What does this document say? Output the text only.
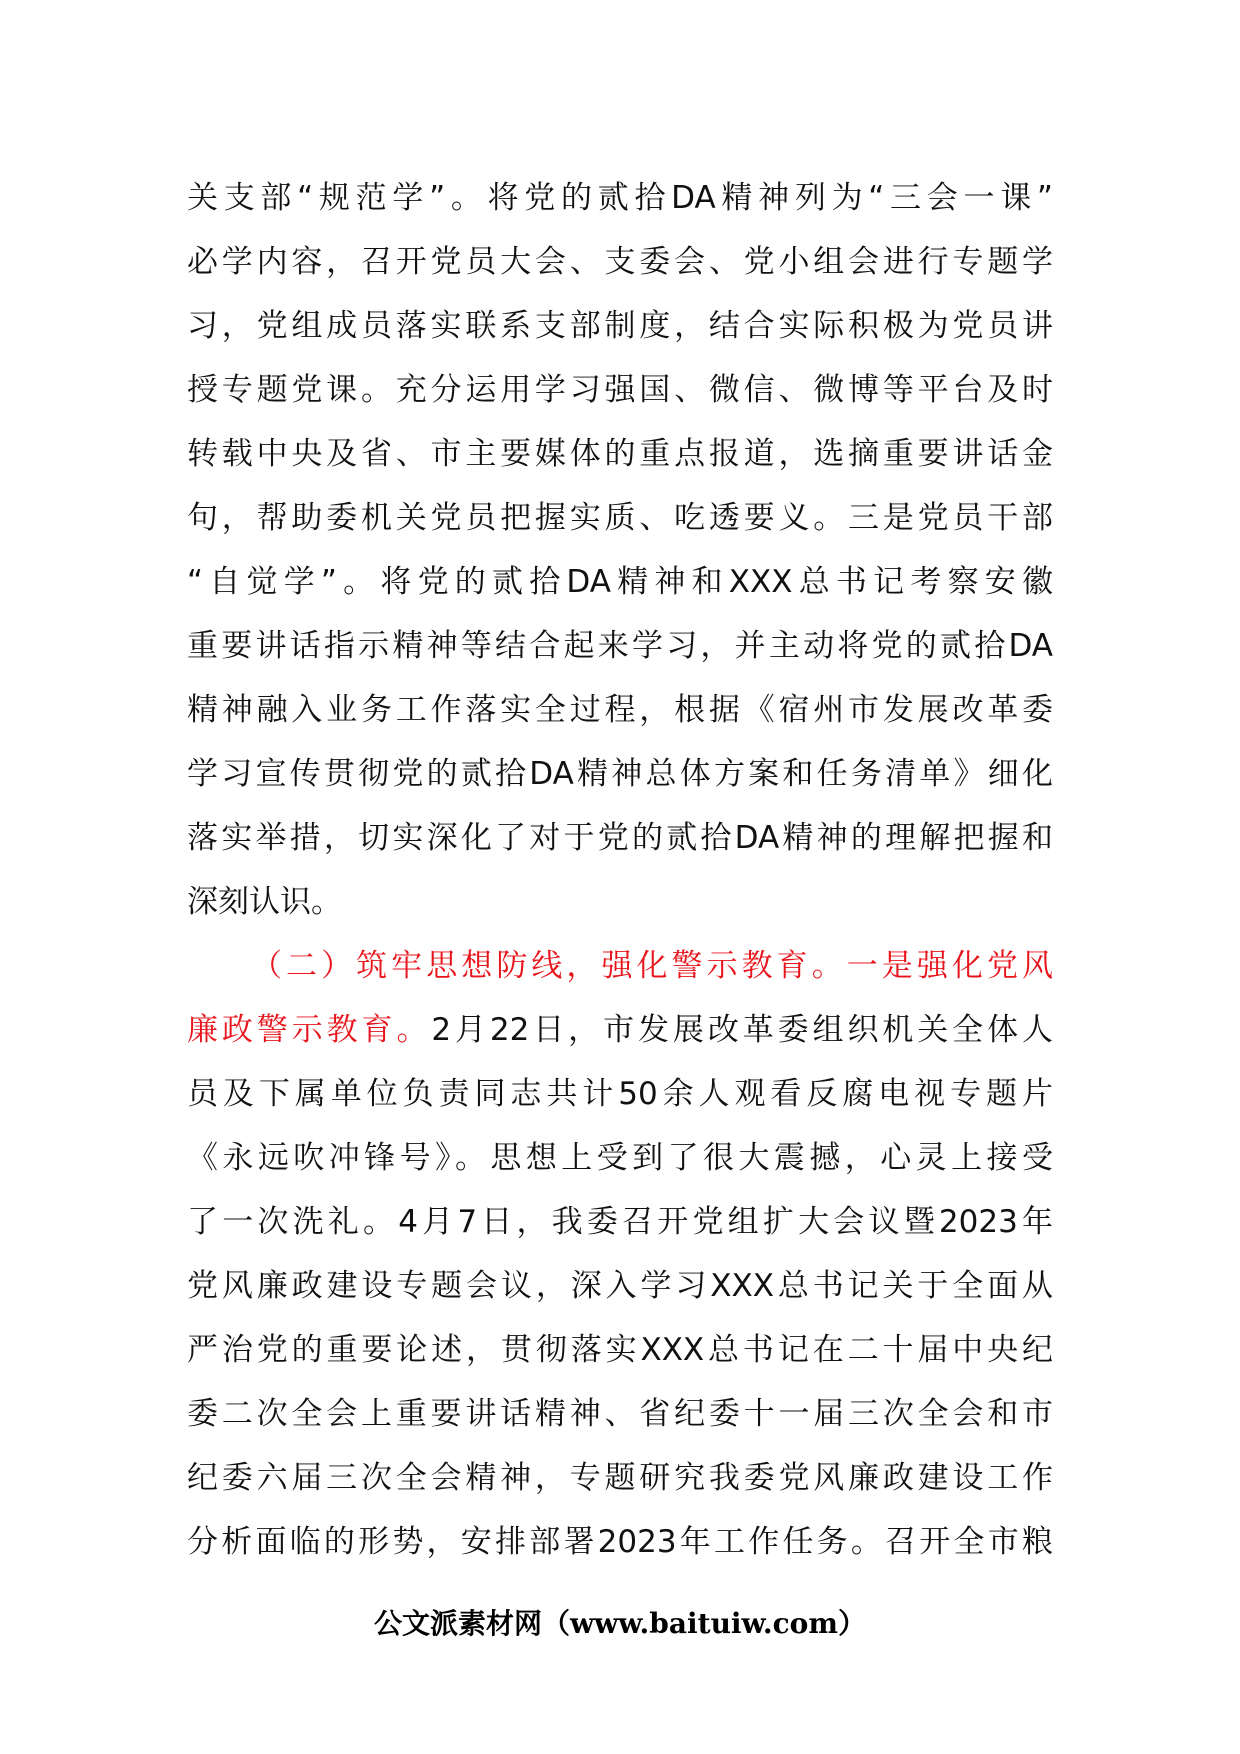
关支部“规范学”。将党的贰拾DA精神列为“三会一课”
必学内容，召开党员大会、支委会、党小组会进行专题学
习，党组成员落实联系支部制度，结合实际积极为党员讲
授专题党课。充分运用学习强国、微信、微博等平台及时
转载中央及省、市主要媒体的重点报道，选摘重要讲话金
句，帮助委机关党员把握实质、吃透要义。三是党员干部
“自觉学”。将党的贰拾DA精神和XXX总书记考察安徽
重要讲话指示精神等结合起来学习，并主动将党的贰拾DA
精神融入业务工作落实全过程，根据《宿州市发展改革委
学习宣传贯彻党的贰拾DA精神总体方案和任务清单》细化
落实举措，切实深化了对于党的贰拾DA精神的理解把握和
深刻认识。
（二）筑牢思想防线，强化警示教育。一是强化党风
廉政警示教育。2月22日，市发展改革委组织机关全体人
员及下属单位负责同志共计50余人观看反腐电视专题片
《永远吹冲锋号》。思想上受到了很大震撼，心灵上接受
了一次洗礼。4月7日，我委召开党组扩大会议暨2023年
党风廉政建设专题会议，深入学习XXX总书记关于全面从
严治党的重要论述，贯彻落实XXX总书记在二十届中央纪
委二次全会上重要讲话精神、省纪委十一届三次全会和市
纪委六届三次全会精神，专题研究我委党风廉政建设工作
分析面临的形势，安排部署2023年工作任务。召开全市粮
公文派素材网（www.baituiw.com）
